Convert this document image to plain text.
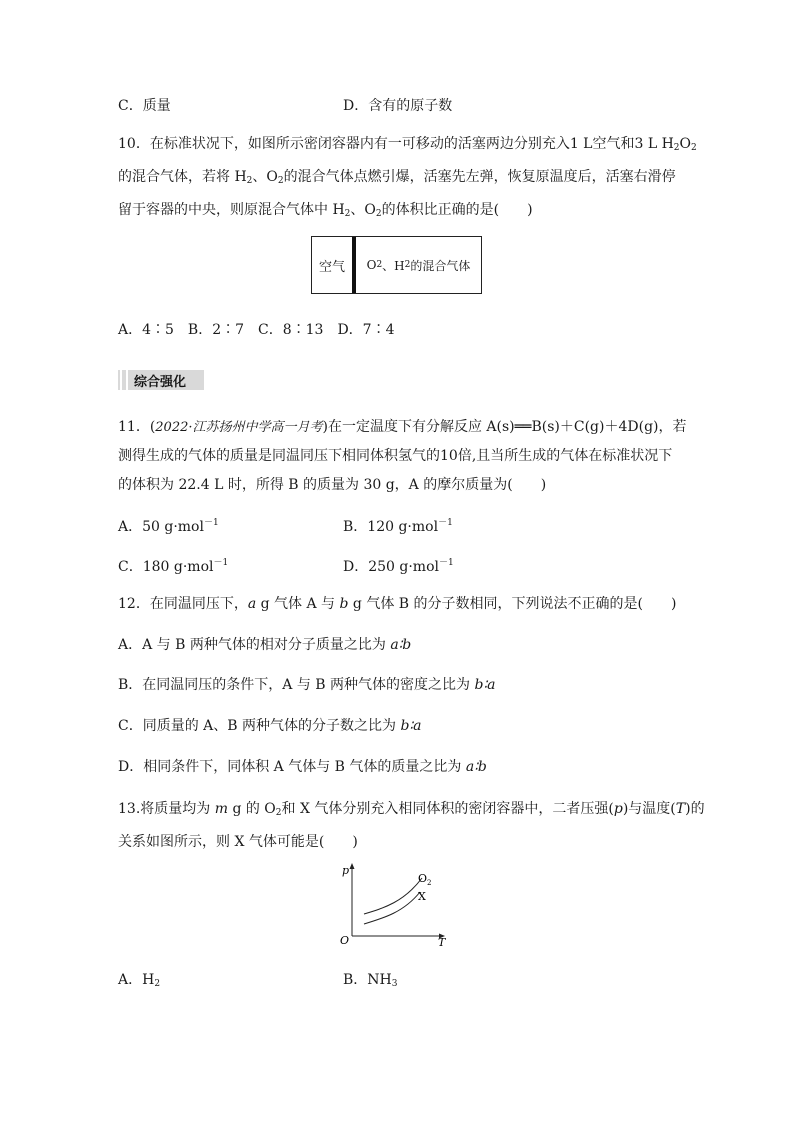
C．质量	D．含有的原子数
10．在标准状况下，如图所示密闭容器内有一可移动的活塞两边分别充入1 L空气和3 L $H_2O_2$
的混合气体，若将 $H_2$、$O_2$的混合气体点燃引爆，活塞先左弹，恢复原温度后，活塞右滑停
留于容器的中央，则原混合气体中 $H_2$、$O_2$的体积比正确的是(　　)
空气	O 2 、H 2 的混合气体
A．4∶5　B．2∶7　C．8∶13　D．7∶4
综合强化
11．(2022·江苏扬州中学高一月考)在一定温度下有分解反应 A(s)══B(s)＋C(g)＋4D(g)，若
测得生成的气体的质量是同温同压下相同体积氢气的10倍,且当所生成的气体在标准状况下
的体积为 22.4 L 时，所得 B 的质量为 30 g，A 的摩尔质量为(　　)
A．50 g·mol$^{-1}$	B．120 g·mol$^{-1}$
C．180 g·mol$^{-1}$	D．250 g·mol$^{-1}$
12．在同温同压下，a g 气体 A 与 b g 气体 B 的分子数相同，下列说法不正确的是(　　)
A．A 与 B 两种气体的相对分子质量之比为 a∶b
B．在同温同压的条件下，A 与 B 两种气体的密度之比为 b∶a
C．同质量的 A、B 两种气体的分子数之比为 b∶a
D．相同条件下，同体积 A 气体与 B 气体的质量之比为 a∶b
13.将质量均为 m g 的 $O_2$和 X 气体分别充入相同体积的密闭容器中，二者压强(p)与温度(T)的
关系如图所示，则 X 气体可能是(　　)
p
T
O
$O_2$
X
A．$H_2$	B．$NH_3$
